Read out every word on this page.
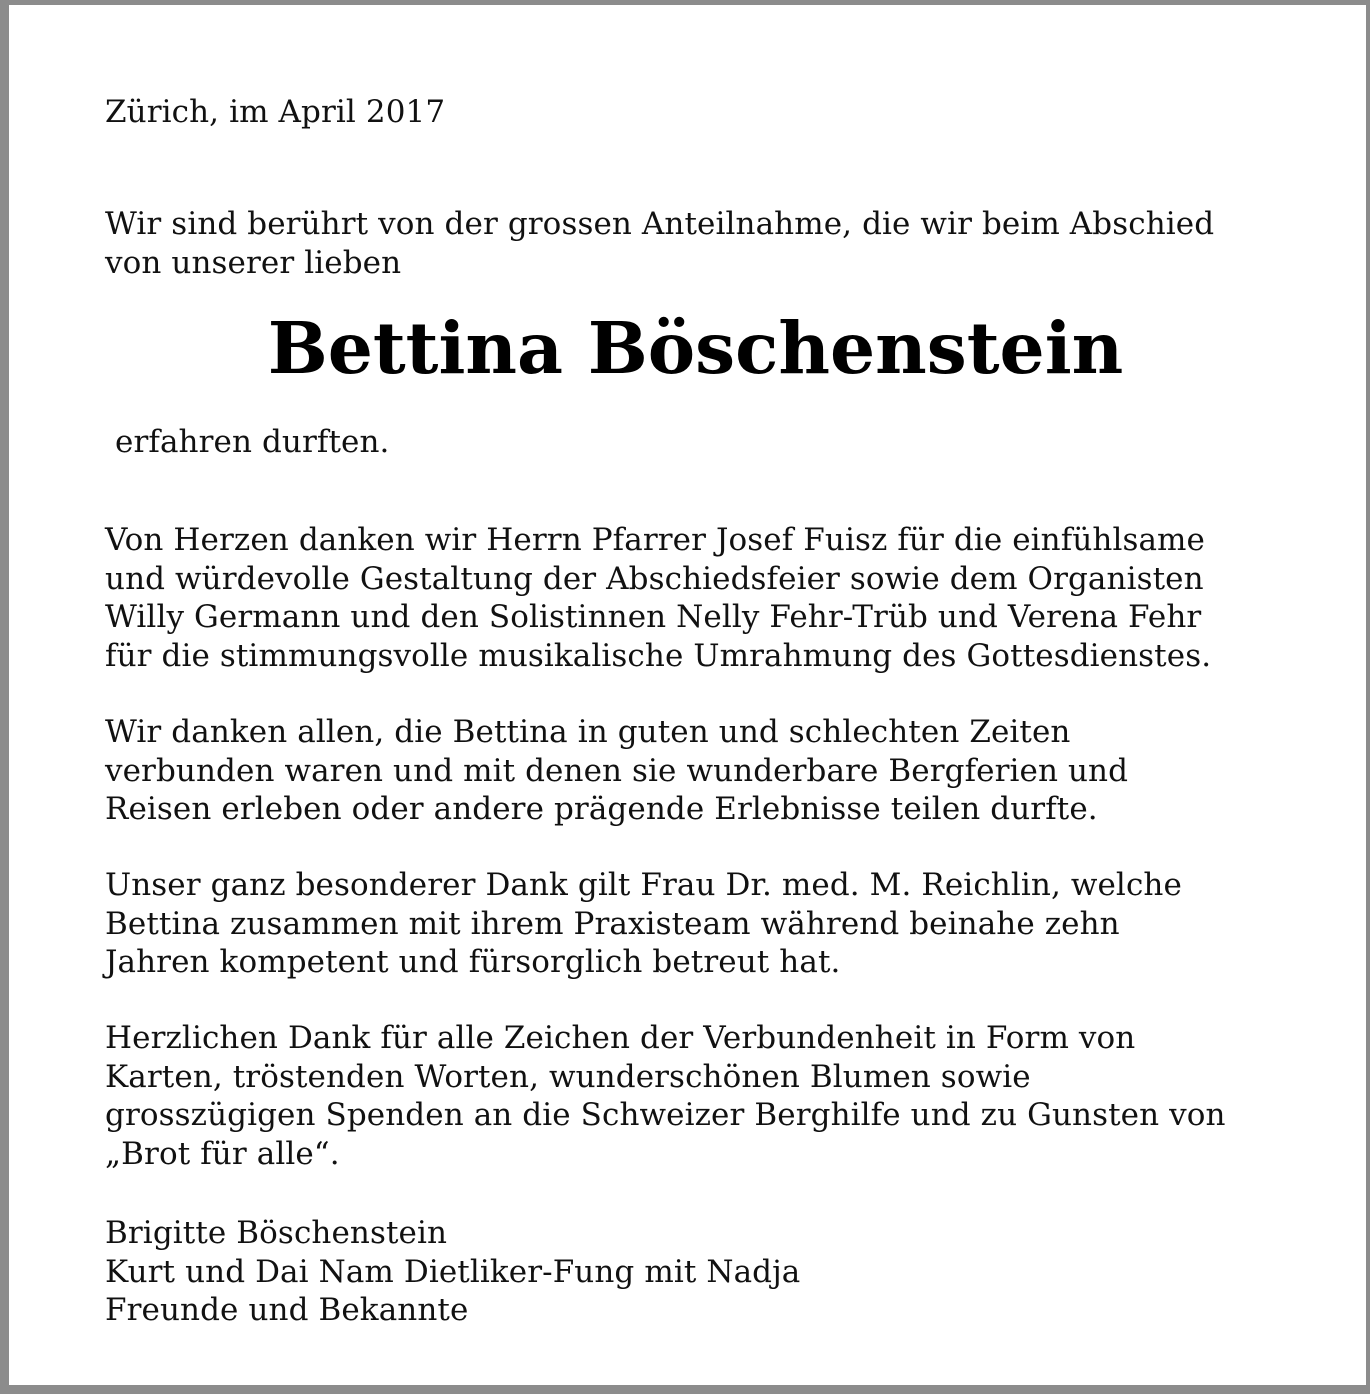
Zürich, im April 2017
Wir sind berührt von der grossen Anteilnahme, die wir beim Abschied
von unserer lieben
Bettina Böschenstein
erfahren durften.
Von Herzen danken wir Herrn Pfarrer Josef Fuisz für die einfühlsame
und würdevolle Gestaltung der Abschiedsfeier sowie dem Organisten
Willy Germann und den Solistinnen Nelly Fehr-Trüb und Verena Fehr
für die stimmungsvolle musikalische Umrahmung des Gottesdienstes.
Wir danken allen, die Bettina in guten und schlechten Zeiten
verbunden waren und mit denen sie wunderbare Bergferien und
Reisen erleben oder andere prägende Erlebnisse teilen durfte.
Unser ganz besonderer Dank gilt Frau Dr. med. M. Reichlin, welche
Bettina zusammen mit ihrem Praxisteam während beinahe zehn
Jahren kompetent und fürsorglich betreut hat.
Herzlichen Dank für alle Zeichen der Verbundenheit in Form von
Karten, tröstenden Worten, wunderschönen Blumen sowie
grosszügigen Spenden an die Schweizer Berghilfe und zu Gunsten von
„Brot für alle“.
Brigitte Böschenstein
Kurt und Dai Nam Dietliker-Fung mit Nadja
Freunde und Bekannte
